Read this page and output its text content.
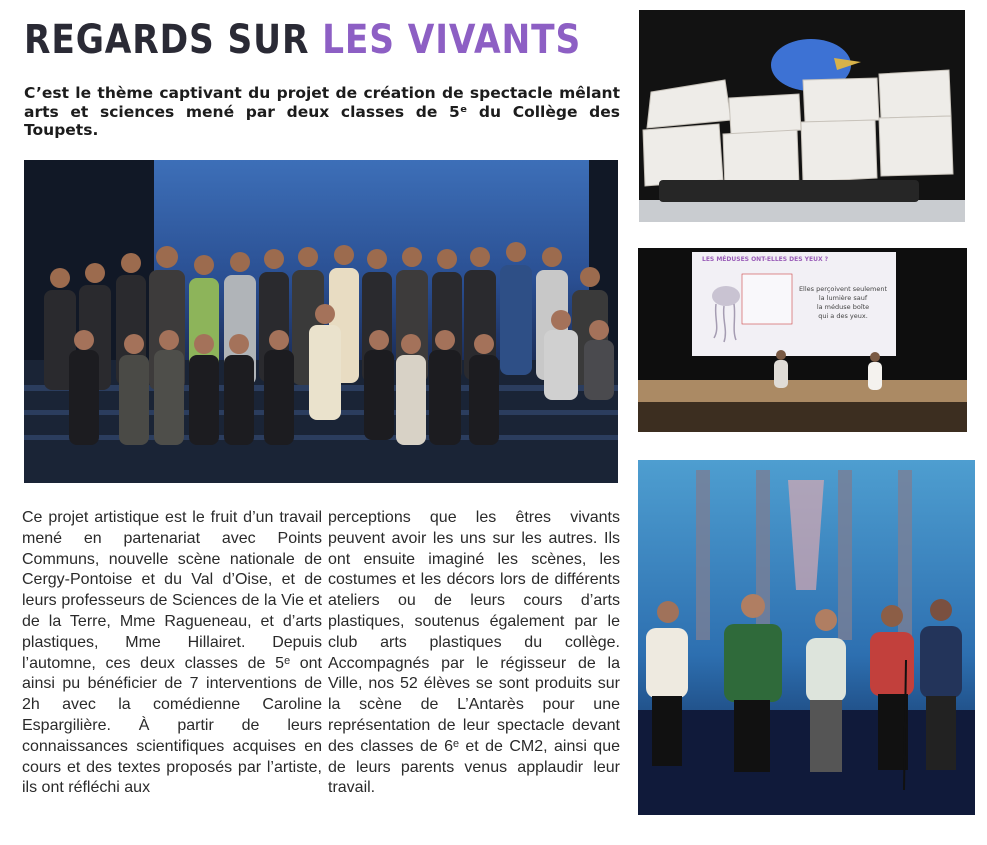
REGARDS SUR LES VIVANTS

C’est le thème captivant du projet de création de spectacle mêlant arts et sciences mené par deux classes de 5ᵉ du Collège des Toupets.

LES MÉDUSES ONT-ELLES DES YEUX ?
Elles perçoivent seulement
la lumière sauf
la méduse boîte
qui a des yeux.

Ce projet artistique est le fruit d’un travail mené en partenariat avec Points Communs, nouvelle scène nationale de Cergy-Pontoise et du Val d’Oise, et de leurs professeurs de Sciences de la Vie et de la Terre, Mme Ragueneau, et d’arts plastiques, Mme Hillairet. Depuis l’automne, ces deux classes de 5ᵉ ont ainsi pu bénéficier de 7 interventions de 2h avec la comédienne Caroline Espargilière. À partir de leurs connaissances scientifiques acquises en cours et des textes proposés par l’artiste, ils ont réfléchi aux

perceptions que les êtres vivants peuvent avoir les uns sur les autres. Ils ont ensuite imaginé les scènes, les costumes et les décors lors de différents ateliers ou de leurs cours d’arts plastiques, soutenus également par le club arts plastiques du collège. Accompagnés par le régisseur de la Ville, nos 52 élèves se sont produits sur la scène de L’Antarès pour une représentation de leur spectacle devant des classes de 6ᵉ et de CM2, ainsi que de leurs parents venus applaudir leur travail.
